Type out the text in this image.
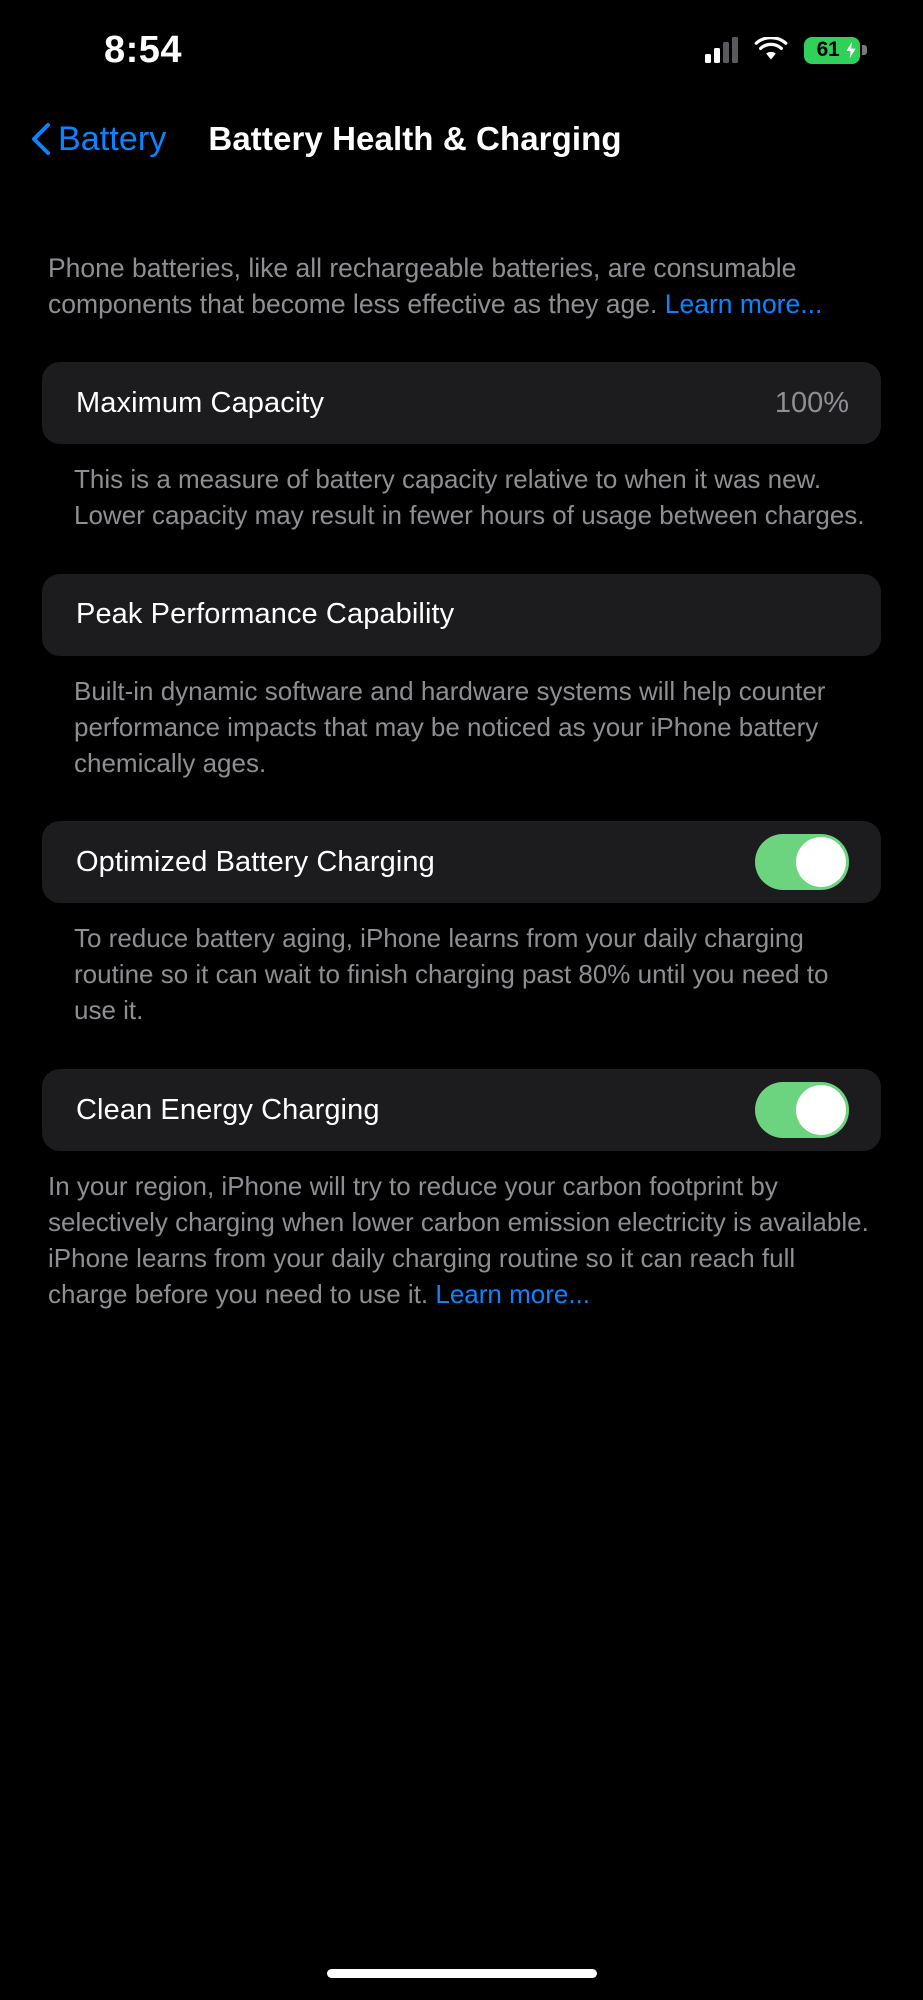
8:54	61
Battery Battery Health & Charging
Phone batteries, like all rechargeable batteries, are consumable components that become less effective as they age. Learn more...
Maximum Capacity	100%
This is a measure of battery capacity relative to when it was new. Lower capacity may result in fewer hours of usage between charges.
Peak Performance Capability
Built-in dynamic software and hardware systems will help counter performance impacts that may be noticed as your iPhone battery chemically ages.
Optimized Battery Charging
To reduce battery aging, iPhone learns from your daily charging routine so it can wait to finish charging past 80% until you need to use it.
Clean Energy Charging
In your region, iPhone will try to reduce your carbon footprint by selectively charging when lower carbon emission electricity is available. iPhone learns from your daily charging routine so it can reach full charge before you need to use it. Learn more...
